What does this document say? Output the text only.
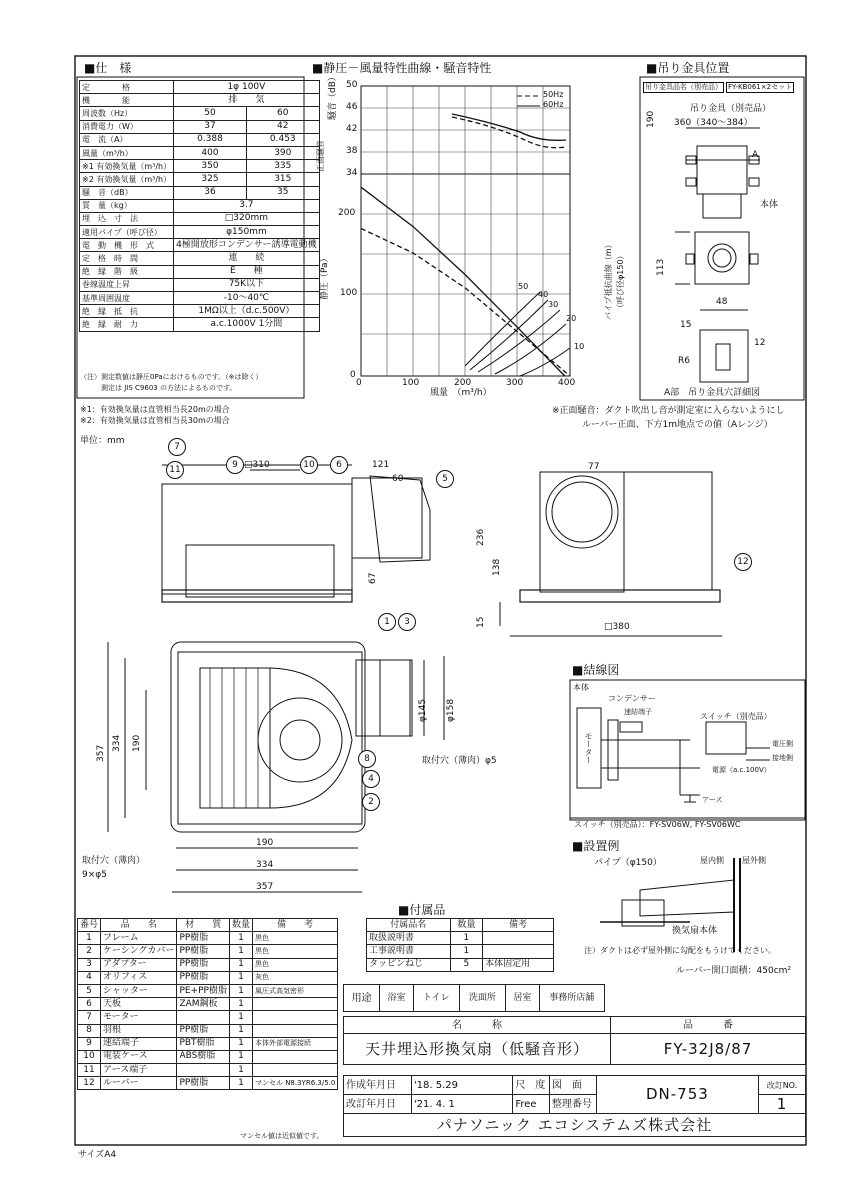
■仕　様
定　　　　格	1φ 100V	
機　　　　能	排　　気	
周波数（Hz）	50	60
消費電力（W）	37	42
電　流（A）	0.388	0.453
風量（m³/h）	400	390
※1 有効換気量（m³/h）	350	335
※2 有効換気量（m³/h）	325	315
騒　音（dB）	36	35
質　量（kg）	3.7	
埋　込　寸　法	□320mm	
適用パイプ（呼び径）	φ150mm	
電　動　機　形　式	4極開放形コンデンサー誘導電動機	
定　格　時　間	連　　続	
絶　縁　階　級	E　　種	
巻線温度上昇	75K以下	
基準周囲温度	-10〜40℃	
絶　縁　抵　抗	1MΩ以上（d.c.500V）	
絶　縁　耐　力	a.c.1000V 1分間	
（注）測定数値は静圧0Paにおけるものです。（※は除く）
　　　測定は JIS C9603 の方法によるものです。
※1：有効換気量は直管相当長20mの場合
※2：有効換気量は直管相当長30mの場合
単位：mm
■静圧－風量特性曲線・騒音特性
50
46
42
38
34
200
100
0
0	100	200	300	400
騒音（dB）
正面騒音
静圧（Pa）
風量　（m³/h）
パイプ抵抗曲線（m） （呼び径φ150）
50Hz
60Hz
50
40
30
20
10
※正面騒音：ダクト吹出し音が測定室に入らないようにし
ルーバー正面、下方1m地点での値（Aレンジ）
■吊り金具位置
吊り金具品名（別売品） FY-KB061×2セット
吊り金具（別売品）
360（340〜384）
190
本体
A
113
48
15
12
R6
A部　吊り金具穴詳細図
□310	121
60
77
236
138
67
15	□380
357
334 190
φ145 φ158
取付穴（薄肉）φ5
190
334
357
取付穴（薄肉）
9×φ5
1
2
3
4
5
6
7
8
9	10
11
12
■結線図
本体
コンデンサー
速結端子	スイッチ（別売品）
モーター	電圧側
接地側
電源（a.c.100V）
アース
スイッチ（別売品）：FY-SV06W, FY-SV06WC
■設置例
パイプ（φ150）	屋内側 屋外側
換気扇本体
注）ダクトは必ず屋外側に勾配をもうけてください。
ルーバー開口面積：450cm²
■付属品
付属品名	数量	備考
取扱説明書	1	
工事説明書	1	
タッピンねじ	5	本体固定用
番号	品　　名	材　　質	数量	備　　考
1	フレーム	PP樹脂	1	黒色
2	ケーシングカバー	PP樹脂	1	黒色
3	アダプター	PP樹脂	1	黒色
4	オリフィス	PP樹脂	1	灰色
5	シャッター	PE+PP樹脂	1	風圧式高気密形
6	天板	ZAM鋼板	1	
7	モーター		1	
8	羽根	PP樹脂	1	
9	速結端子	PBT樹脂	1	本体外部電源接続
10	電装ケース	ABS樹脂	1	
11	アース端子		1	
12	ルーバー	PP樹脂	1	マンセル N8.3YR6.3/5.0
マンセル値は近似値です。
用途	浴室	トイレ	洗面所	居室	事務所店舗
名　　　称	品　　　番
天井埋込形換気扇（低騒音形）	FY-32J8/87
作成年月日	'18. 5.29	尺　度	図　面	DN-753	改訂NO.
改訂年月日	'21. 4. 1	Free	整理番号		1
パナソニック エコシステムズ株式会社					
サイズA4
